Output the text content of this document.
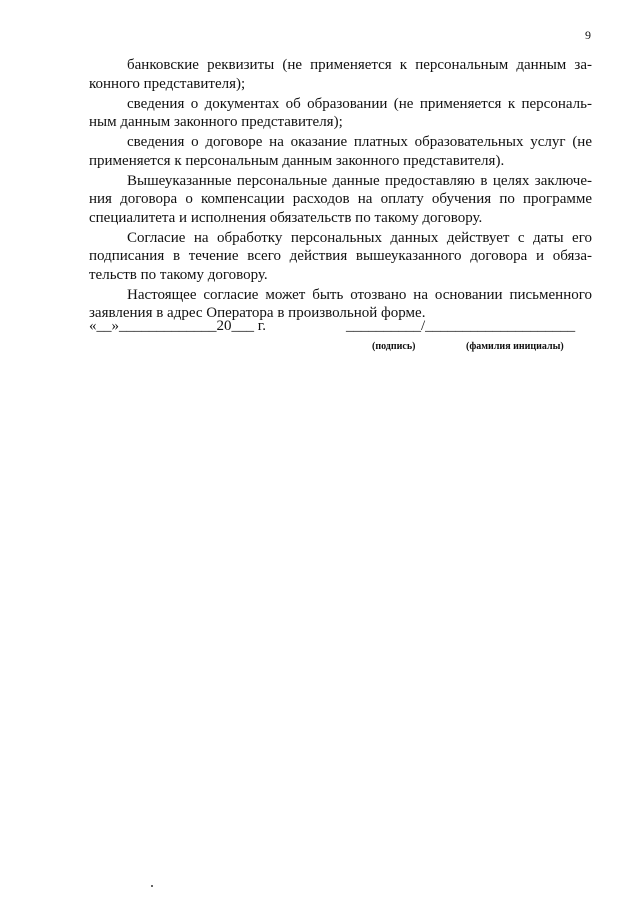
9

банковские реквизиты (не применяется к персональным данным законного представителя);

сведения о документах об образовании (не применяется к персональным данным законного представителя);

сведения о договоре на оказание платных образовательных услуг (не применяется к персональным данным законного представителя).

Вышеуказанные персональные данные предоставляю в целях заключения договора о компенсации расходов на оплату обучения по программе специалитета и исполнения обязательств по такому договору.

Согласие на обработку персональных данных действует с даты его подписания в течение всего действия вышеуказанного договора и обязательств по такому договору.

Настоящее согласие может быть отозвано на основании письменного заявления в адрес Оператора в произвольной форме.

«__»_____________20___ г.	__________/____________________
(подпись)	(фамилия инициалы)
